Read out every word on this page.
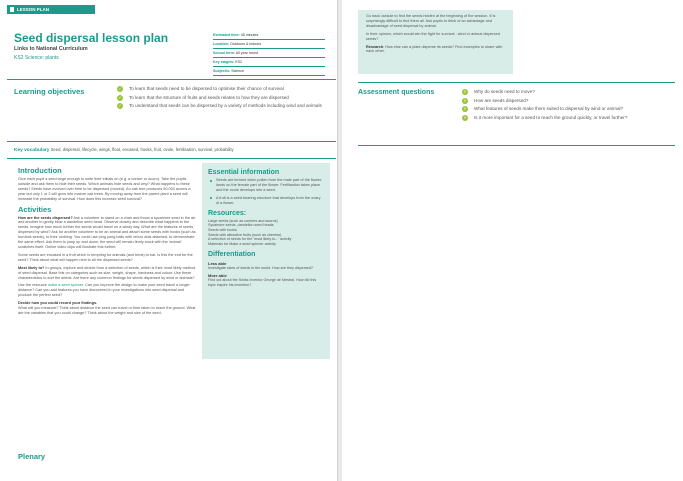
LESSON PLAN
Seed dispersal lesson plan
Links to National Curriculum
KS2 Science: plants
Estimated time: 45 minutes
Location: Outdoors & indoors
School term: All year round
Key stage/s: KS2
Subject/s: Science
Learning objectives	✓ To learn that seeds need to be dispersed to optimise their chance of survival
✓ To learn that the structure of fruits and seeds relates to how they are dispersed
✓ To understand that seeds can be dispersed by a variety of methods including wind and animals
Key vocabulary Seed, dispersal, lifecycle, wings, float, encased, hooks, fruit, ovule, fertilisation, survival, probability
Introduction
Give each pupil a seed large enough to write their initials on (e.g. a conker or acorn). Take the pupils outside and ask them to hide their seeds. Which animals hide seeds and why? What happens to these seeds? Seeds have evolved over time to be dispersed (moved). An oak tree produces 50,000 acorns a year but only 1 or 2 will grow into mature oak trees. By moving away from the parent plant a seed will increase the probability of survival. How does this increase seed survival?
Activities
How are the seeds dispersed? Ask a volunteer to stand on a chair and throw a sycamore seed in the air and another to gently blow a dandelion seed head. Observe closely and describe what happens to the seeds. Imagine how much further the seeds would travel on a windy day. What are the features of seeds dispersed by wind? Ask for another volunteer to be an animal and attach some seeds with hooks (such as burdock seeds), to their clothing. You could use ping pong balls with velcro dots attached, to demonstrate the same effect. Ask them to jump up and down, the seed will remain firmly stuck with the 'animal' scratches itself. Online video clips will illustrate this further.
Some seeds are encased in a fruit which is tempting for animals (and birds) to eat. Is this the end for the seed? Think about what will happen next to all the dispersed seeds?
Most likely to? In groups, explore and decide from a selection of seeds, which is their most likely method of seed dispersal. Base this on categories such as size, weight, shape, hardness and colour. Use these characteristics to sort the seeds. Are there any common findings for seeds dispersed by wind or animals?
Use the resource make a seed spinner. Can you improve the design to make your seed travel a longer distance? Can you add features you have discovered in your investigations into seed dispersal and produce the perfect seed?
Decide how you could record your findings.
What will you measure? Think about distance the seed can travel or time taken to reach the ground. What are the variables that you could change? Think about the weight and size of the seed.
Plenary
Essential information
Seeds are formed when pollen from the male part of the flower, lands on the female part of the flower. Fertilisation takes place and the ovule develops into a seed.
A fruit is a seed bearing structure that develops from the ovary of a flower.
Resources:
Large seeds (such as conkers and acorns)
Sycamore seeds, dandelion seed heads
Seeds with hooks
Seeds with attractive fruits (such as cherries)
A selection of seeds for the 'most likely to...' activity
Materials for Make a seed spinner activity
Differentiation
Less able
Investigate sizes of seeds in the world. How are they dispersed?
More able
Find out about the Swiss inventor George de Mestral. How did this topic inspire his invention?
Go back outside to find the seeds hidden at the beginning of the session. It is surprisingly difficult to find them all. Ask pupils to think of an advantage and disadvantage of seed dispersal by animal.
In their opinion, which would win the fight for survival - wind or animal dispersed seeds?
Research: How else can a plant disperse its seeds? Find examples to share with each other.
Assessment questions	?	Why do seeds need to move?
?	How are seeds dispersed?
?	What features of seeds make them suited to dispersal by wind or animal?
?	Is it more important for a seed to reach the ground quickly, or travel further?
